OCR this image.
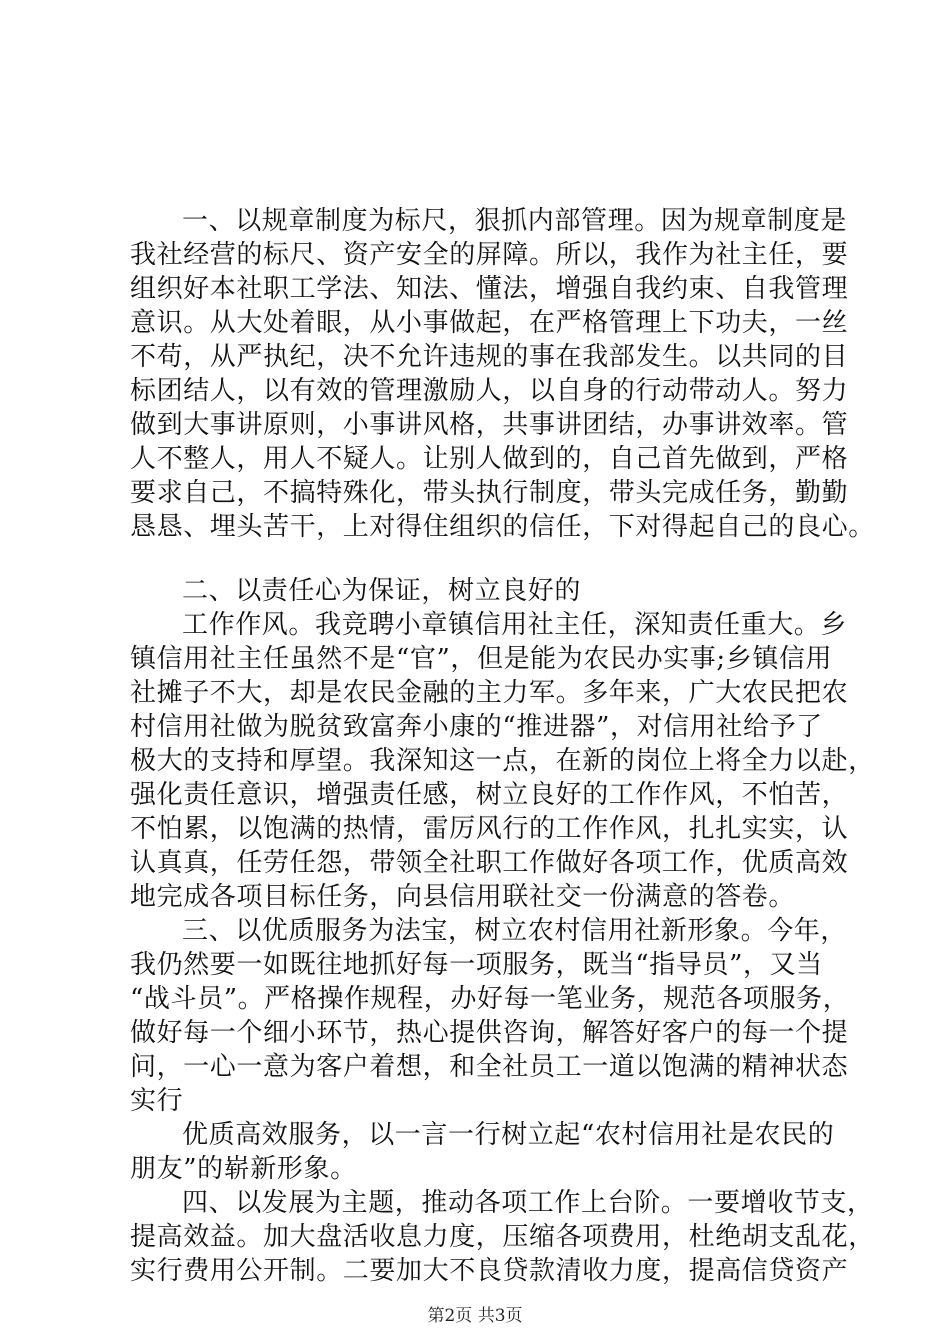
一、以规章制度为标尺，狠抓内部管理。因为规章制度是
我社经营的标尺、资产安全的屏障。所以，我作为社主任，要
组织好本社职工学法、知法、懂法，增强自我约束、自我管理
意识。从大处着眼，从小事做起，在严格管理上下功夫，一丝
不苟，从严执纪，决不允许违规的事在我部发生。以共同的目
标团结人，以有效的管理激励人，以自身的行动带动人。努力
做到大事讲原则，小事讲风格，共事讲团结，办事讲效率。管
人不整人，用人不疑人。让别人做到的，自己首先做到，严格
要求自己，不搞特殊化，带头执行制度，带头完成任务，勤勤
恳恳、埋头苦干，上对得住组织的信任，下对得起自己的良心。
二、以责任心为保证，树立良好的
工作作风。我竞聘小章镇信用社主任，深知责任重大。乡
镇信用社主任虽然不是“官”，但是能为农民办实事;乡镇信用
社摊子不大，却是农民金融的主力军。多年来，广大农民把农
村信用社做为脱贫致富奔小康的“推进器”，对信用社给予了
极大的支持和厚望。我深知这一点，在新的岗位上将全力以赴，
强化责任意识，增强责任感，树立良好的工作作风，不怕苦，
不怕累，以饱满的热情，雷厉风行的工作作风，扎扎实实，认
认真真，任劳任怨，带领全社职工作做好各项工作，优质高效
地完成各项目标任务，向县信用联社交一份满意的答卷。
三、以优质服务为法宝，树立农村信用社新形象。今年，
我仍然要一如既往地抓好每一项服务，既当“指导员”，又当
“战斗员”。严格操作规程，办好每一笔业务，规范各项服务，
做好每一个细小环节，热心提供咨询，解答好客户的每一个提
问，一心一意为客户着想，和全社员工一道以饱满的精神状态
实行
优质高效服务，以一言一行树立起“农村信用社是农民的
朋友”的崭新形象。
四、以发展为主题，推动各项工作上台阶。一要增收节支，
提高效益。加大盘活收息力度，压缩各项费用，杜绝胡支乱花，
实行费用公开制。二要加大不良贷款清收力度，提高信贷资产
第2页 共3页
